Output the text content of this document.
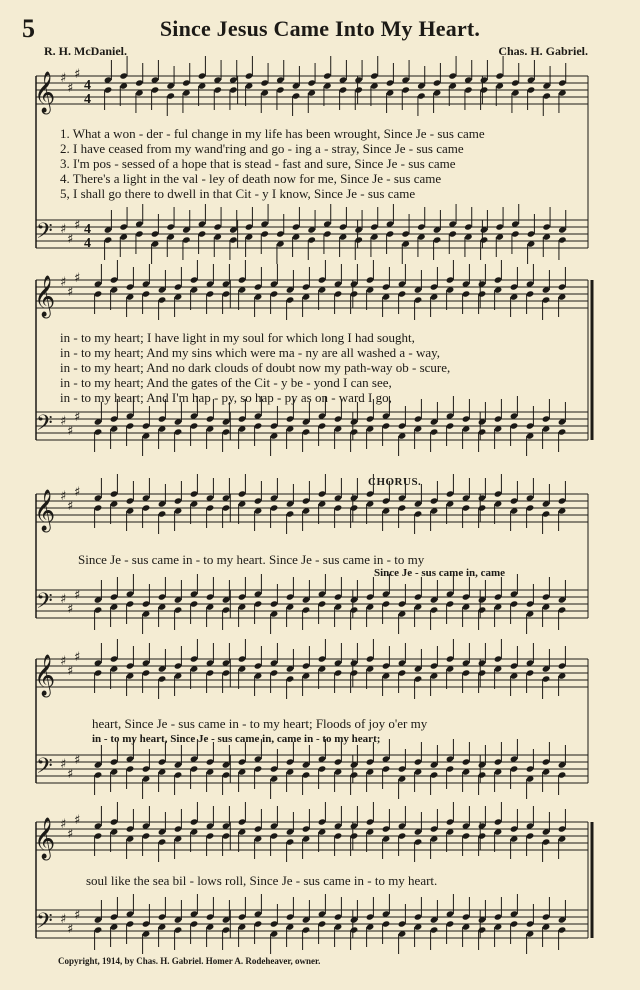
5	Since Jesus Came Into My Heart.
R. H. McDaniel.	Chas. H. Gabriel.
𝄞 ♯
♯
♯
4
4
𝄢 ♯
♯
♯ 4
4
1. What a won - der - ful change in my life has been wrought, Since Je - sus came
2. I have ceased from my wand'ring and go - ing a - stray, Since Je - sus came
3. I'm pos - sessed of a hope that is stead - fast and sure, Since Je - sus came
4. There's a light in the val - ley of death now for me, Since Je - sus came
5, I shall go there to dwell in that Cit - y I know, Since Je - sus came
𝄞 ♯
♯
♯
𝄢 ♯
♯
♯
in - to my heart; I have light in my soul for which long I had sought,
in - to my heart; And my sins which were ma - ny are all washed a - way,
in - to my heart; And no dark clouds of doubt now my path-way ob - scure,
in - to my heart; And the gates of the Cit - y be - yond I can see,
in - to my heart; And I'm hap - py, so hap - py as on - ward I go,
CHORUS.
𝄞 ♯
♯
♯
𝄢 ♯
♯
♯
Since Je - sus came in - to my heart. Since Je - sus came in - to my
Since Je - sus came in, came
𝄞 ♯
♯
♯
𝄢 ♯
♯
♯
heart, Since Je - sus came in - to my heart; Floods of joy o'er my
in - to my heart, Since Je - sus came in, came in - to my heart;
𝄞 ♯
♯
♯
𝄢 ♯
♯
♯
soul like the sea bil - lows roll, Since Je - sus came in - to my heart.
Copyright, 1914, by Chas. H. Gabriel. Homer A. Rodeheaver, owner.
